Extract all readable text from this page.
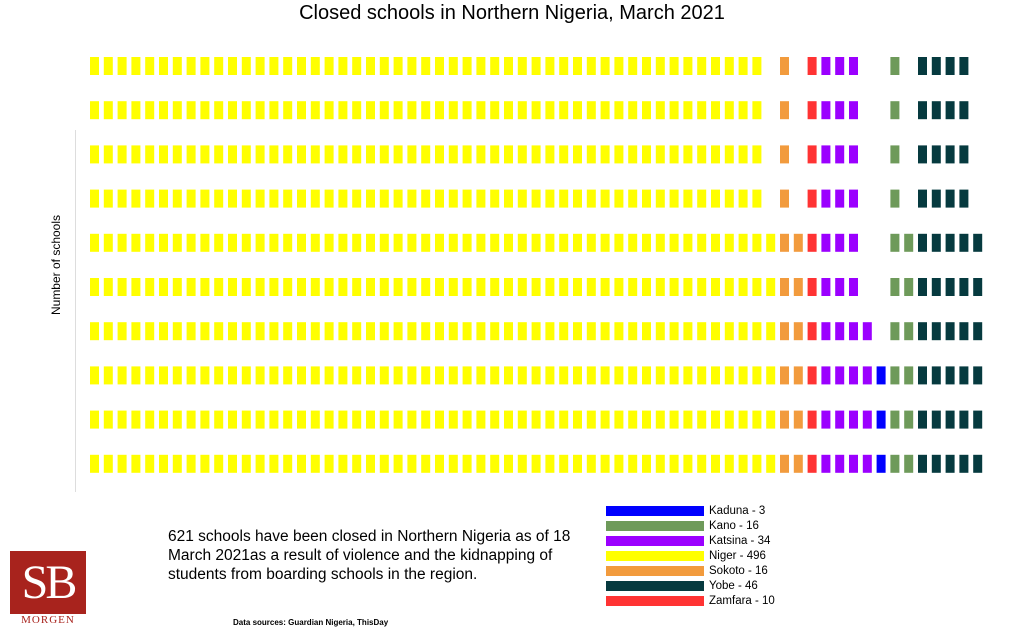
Closed schools in Northern Nigeria, March 2021
Number of schools
621 schools have been closed in Northern Nigeria as of 18 March 2021as a result of violence and the kidnapping of students from boarding schools in the region.
Kaduna - 3
Kano - 16
Katsina - 34
Niger - 496
Sokoto - 16
Yobe - 46
Zamfara - 10
Data sources: Guardian Nigeria, ThisDay
SB
MORGEN
